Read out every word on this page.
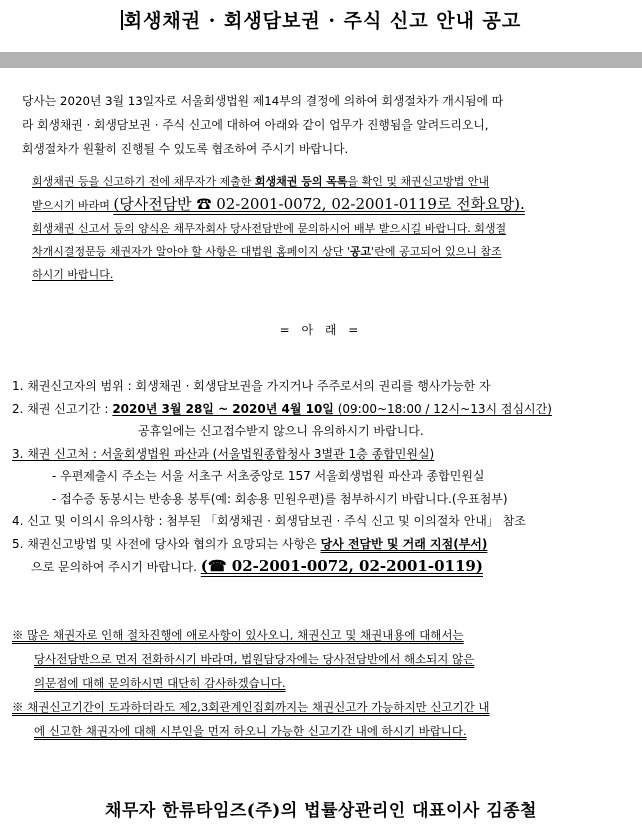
회생채권 · 회생담보권 · 주식 신고 안내 공고

당사는 2020년 3월 13일자로 서울회생법원 제14부의 결정에 의하여 회생절차가 개시됨에 따

라 회생채권 · 회생담보권 · 주식 신고에 대하여 아래와 같이 업무가 진행됨을 알려드리오니,

회생절차가 원활히 진행될 수 있도록 협조하여 주시기 바랍니다.

회생채권 등을 신고하기 전에 채무자가 제출한 회생채권 등의 목록을 확인 및 채권신고방법 안내
받으시기 바라며 (당사전담반 ☎ 02-2001-0072, 02-2001-0119로 전화요망).
회생채권 신고서 등의 양식은 채무자회사 당사전담반에 문의하시어 배부 받으시길 바랍니다. 회생절
차개시결정문등 채권자가 알아야 할 사항은 대법원 홈페이지 상단 '공고'란에 공고되어 있으니 참조
하시기 바랍니다.
= 아 래 =
1. 채권신고자의 범위 : 회생채권 · 회생담보권을 가지거나 주주로서의 권리를 행사가능한 자
2. 채권 신고기간 : 2020년 3월 28일 ~ 2020년 4월 10일 (09:00~18:00 / 12시~13시 점심시간)
공휴일에는 신고접수받지 않으니 유의하시기 바랍니다.
3. 채권 신고처 : 서울회생법원 파산과 (서울법원종합청사 3별관 1층 종합민원실)
- 우편제출시 주소는 서울 서초구 서초중앙로 157 서울회생법원 파산과 종합민원실
- 접수증 동봉시는 반송용 봉투(예: 회송용 민원우편)를 첨부하시기 바랍니다.(우표첨부)
4. 신고 및 이의시 유의사항 : 첨부된 「회생채권 · 회생담보권 · 주식 신고 및 이의절차 안내」 참조
5. 채권신고방법 및 사전에 당사와 협의가 요망되는 사항은 당사 전담반 및 거래 지점(부서)
으로 문의하여 주시기 바랍니다. (☎ 02-2001-0072, 02-2001-0119)
※ 많은 채권자로 인해 절차진행에 애로사항이 있사오니, 채권신고 및 채권내용에 대해서는
당사전담반으로 먼저 전화하시기 바라며, 법원담당자에는 당사전담반에서 해소되지 않은
의문점에 대해 문의하시면 대단히 감사하겠습니다.
※ 채권신고기간이 도과하더라도 제2,3회관계인집회까지는 채권신고가 가능하지만 신고기간 내
에 신고한 채권자에 대해 시부인을 먼저 하오니 가능한 신고기간 내에 하시기 바랍니다.
채무자 한류타임즈(주)의 법률상관리인 대표이사 김종철
